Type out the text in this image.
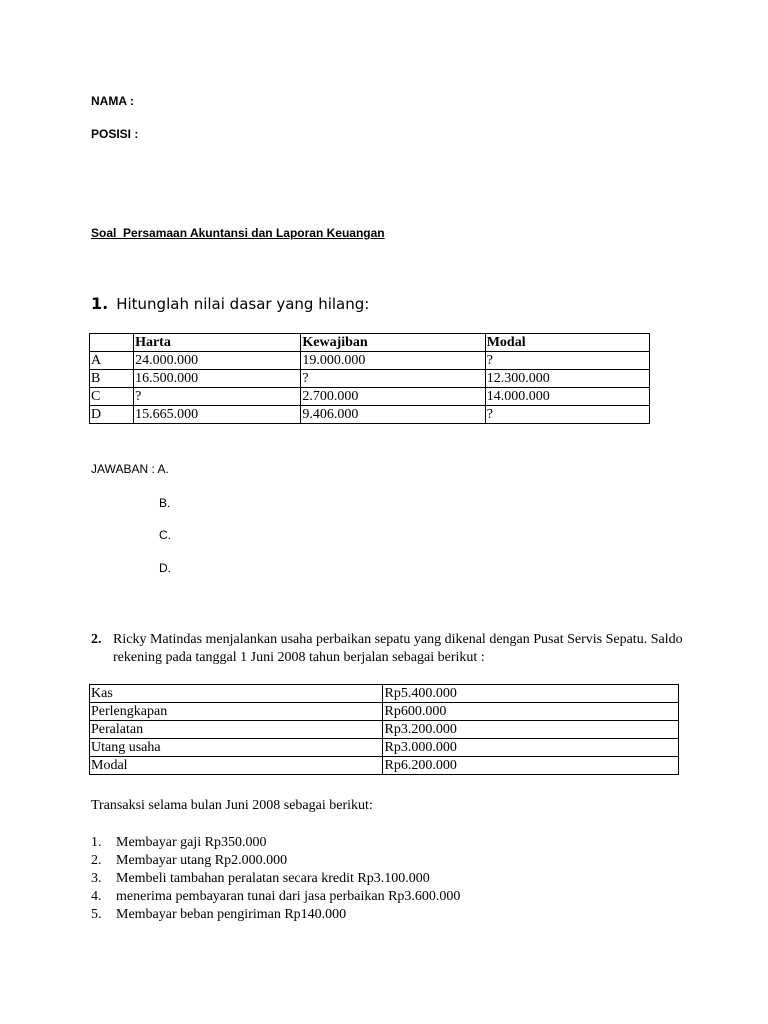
NAMA :
POSISI :
Soal  Persamaan Akuntansi dan Laporan Keuangan
1. Hitunglah nilai dasar yang hilang:
	Harta	Kewajiban	Modal
A	24.000.000	19.000.000	?
B	16.500.000	?	12.300.000
C	?	2.700.000	14.000.000
D	15.665.000	9.406.000	?
JAWABAN : A.
B.
C.
D.
2. Ricky Matindas menjalankan usaha perbaikan sepatu yang dikenal dengan Pusat Servis Sepatu. Saldo rekening pada tanggal 1 Juni 2008 tahun berjalan sebagai berikut :
Kas	Rp5.400.000
Perlengkapan	Rp600.000
Peralatan	Rp3.200.000
Utang usaha	Rp3.000.000
Modal	Rp6.200.000
Transaksi selama bulan Juni 2008 sebagai berikut:
1.	Membayar gaji Rp350.000
2.	Membayar utang Rp2.000.000
3.	Membeli tambahan peralatan secara kredit Rp3.100.000
4.	menerima pembayaran tunai dari jasa perbaikan Rp3.600.000
5.	Membayar beban pengiriman Rp140.000
